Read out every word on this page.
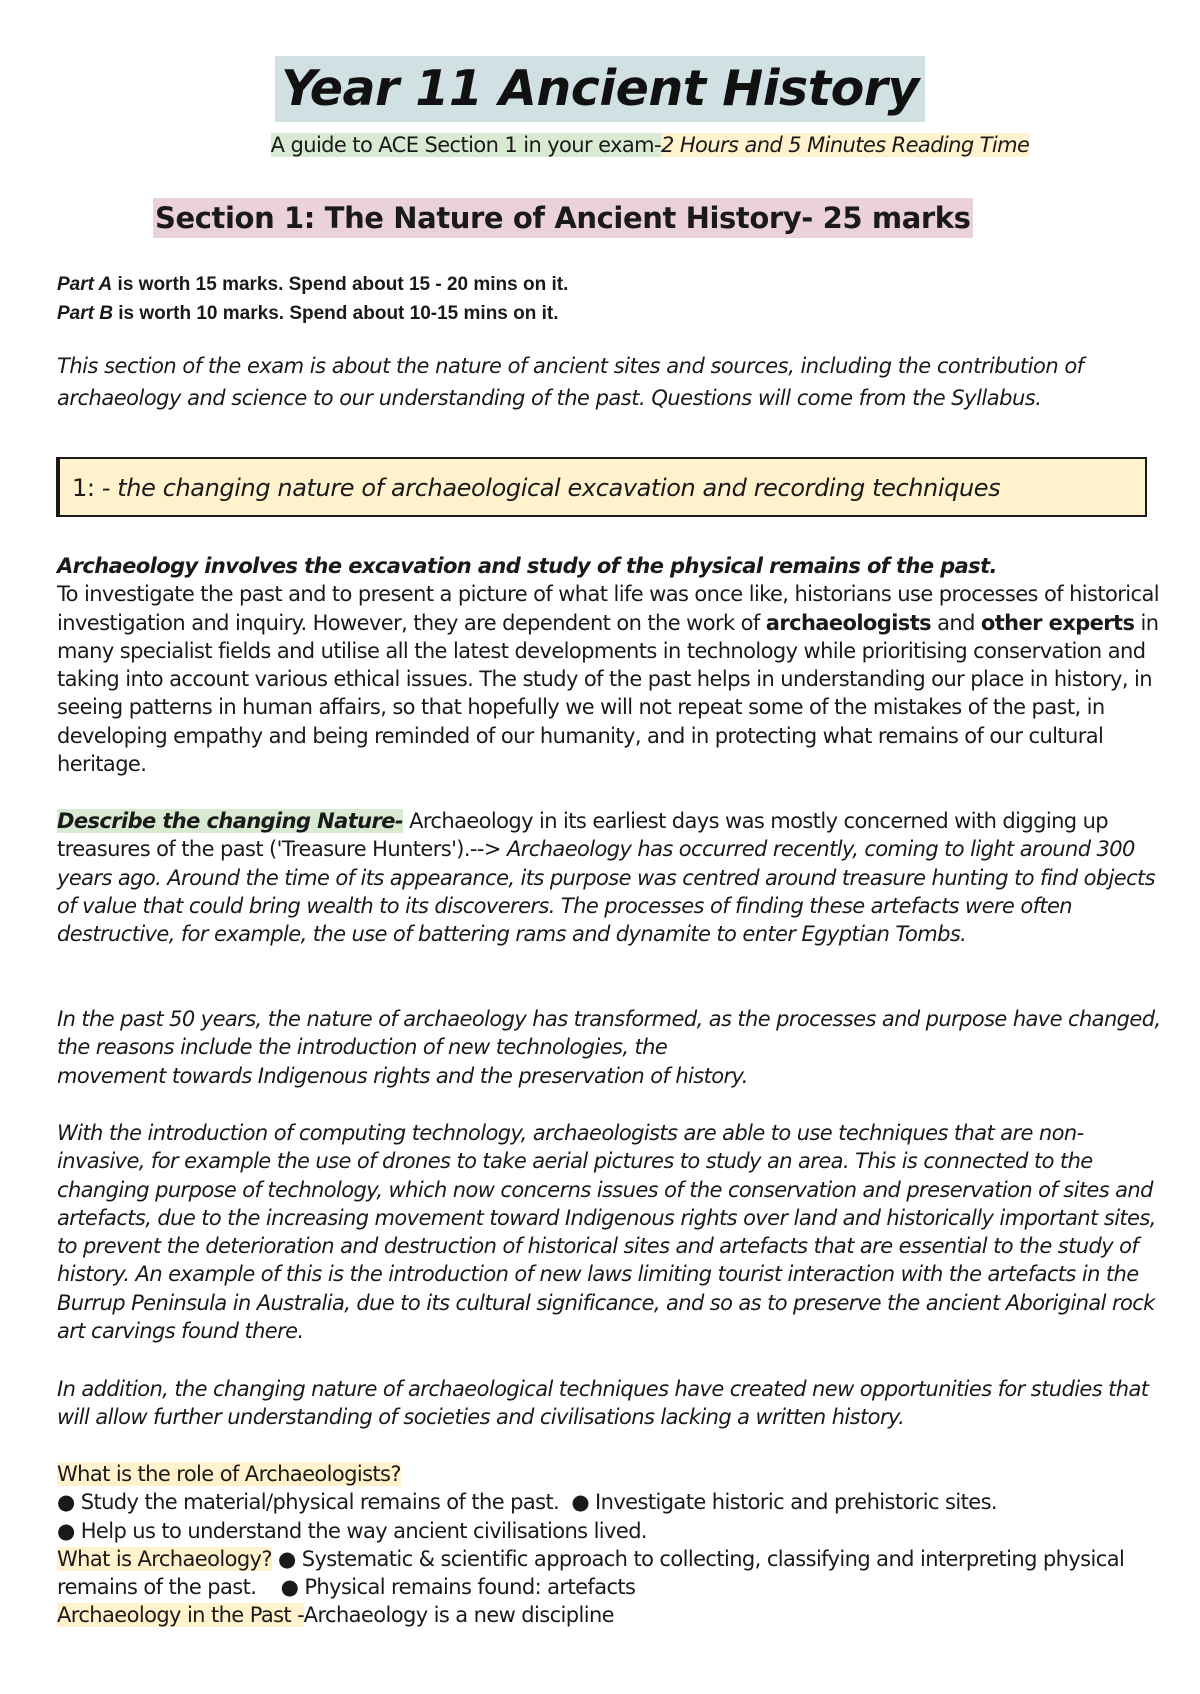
Year 11 Ancient History
A guide to ACE Section 1 in your exam-2 Hours and 5 Minutes Reading Time
Section 1: The Nature of Ancient History- 25 marks
Part A is worth 15 marks. Spend about 15 - 20 mins on it.
Part B is worth 10 marks. Spend about 10-15 mins on it.
This section of the exam is about the nature of ancient sites and sources, including the contribution of archaeology and science to our understanding of the past. Questions will come from the Syllabus.
1: - the changing nature of archaeological excavation and recording techniques
Archaeology involves the excavation and study of the physical remains of the past.
To investigate the past and to present a picture of what life was once like, historians use processes of historical investigation and inquiry. However, they are dependent on the work of archaeologists and other experts in many specialist fields and utilise all the latest developments in technology while prioritising conservation and taking into account various ethical issues. The study of the past helps in understanding our place in history, in seeing patterns in human affairs, so that hopefully we will not repeat some of the mistakes of the past, in developing empathy and being reminded of our humanity, and in protecting what remains of our cultural heritage.
Describe the changing Nature- Archaeology in its earliest days was mostly concerned with digging up treasures of the past ('Treasure Hunters').--> Archaeology has occurred recently, coming to light around 300 years ago. Around the time of its appearance, its purpose was centred around treasure hunting to find objects of value that could bring wealth to its discoverers. The processes of finding these artefacts were often destructive, for example, the use of battering rams and dynamite to enter Egyptian Tombs.
In the past 50 years, the nature of archaeology has transformed, as the processes and purpose have changed, the reasons include the introduction of new technologies, the
movement towards Indigenous rights and the preservation of history.
With the introduction of computing technology, archaeologists are able to use techniques that are non-invasive, for example the use of drones to take aerial pictures to study an area. This is connected to the changing purpose of technology, which now concerns issues of the conservation and preservation of sites and artefacts, due to the increasing movement toward Indigenous rights over land and historically important sites, to prevent the deterioration and destruction of historical sites and artefacts that are essential to the study of history. An example of this is the introduction of new laws limiting tourist interaction with the artefacts in the Burrup Peninsula in Australia, due to its cultural significance, and so as to preserve the ancient Aboriginal rock art carvings found there.
In addition, the changing nature of archaeological techniques have created new opportunities for studies that will allow further understanding of societies and civilisations lacking a written history.
What is the role of Archaeologists?
● Study the material/physical remains of the past. ● Investigate historic and prehistoric sites.
● Help us to understand the way ancient civilisations lived.
What is Archaeology? ● Systematic & scientific approach to collecting, classifying and interpreting physical remains of the past. ● Physical remains found: artefacts
Archaeology in the Past -Archaeology is a new discipline
